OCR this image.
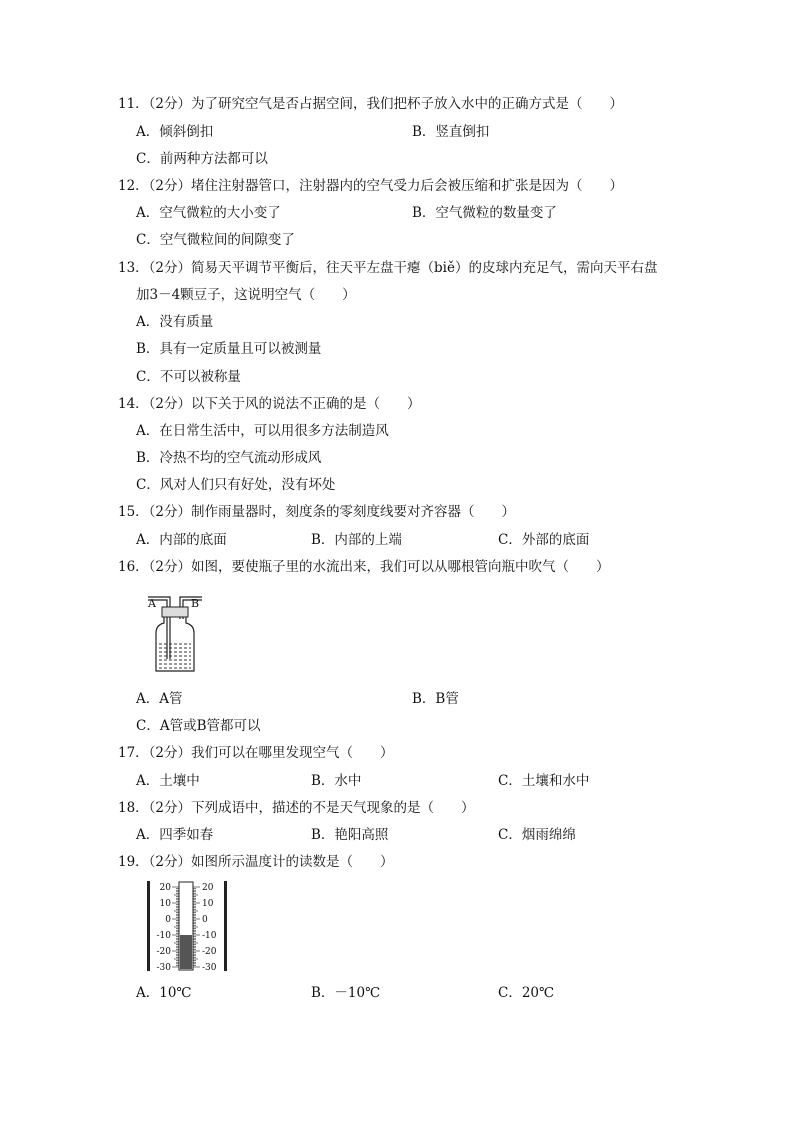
11．（2分）为了研究空气是否占据空间，我们把杯子放入水中的正确方式是（　　）
A．倾斜倒扣	B．竖直倒扣
C．前两种方法都可以
12．（2分）堵住注射器管口，注射器内的空气受力后会被压缩和扩张是因为（　　）
A．空气微粒的大小变了	B．空气微粒的数量变了
C．空气微粒间的间隙变了
13．（2分）简易天平调节平衡后，往天平左盘干瘪（biě）的皮球内充足气，需向天平右盘
加3－4颗豆子，这说明空气（　　）
A．没有质量
B．具有一定质量且可以被测量
C．不可以被称量
14．（2分）以下关于风的说法不正确的是（　　）
A．在日常生活中，可以用很多方法制造风
B．冷热不均的空气流动形成风
C．风对人们只有好处，没有坏处
15．（2分）制作雨量器时，刻度条的零刻度线要对齐容器（　　）
A．内部的底面	B．内部的上端	C．外部的底面
16．（2分）如图，要使瓶子里的水流出来，我们可以从哪根管向瓶中吹气（　　）
A	B
A．A管	B．B管
C．A管或B管都可以
17．（2分）我们可以在哪里发现空气（　　）
A．土壤中	B．水中	C．土壤和水中
18．（2分）下列成语中，描述的不是天气现象的是（　　）
A．四季如春	B．艳阳高照	C．烟雨绵绵
19．（2分）如图所示温度计的读数是（　　）
20
10
0
-10
-20
-30
20
10
0
-10
-20
-30
A．10℃	B．－10℃	C．20℃
